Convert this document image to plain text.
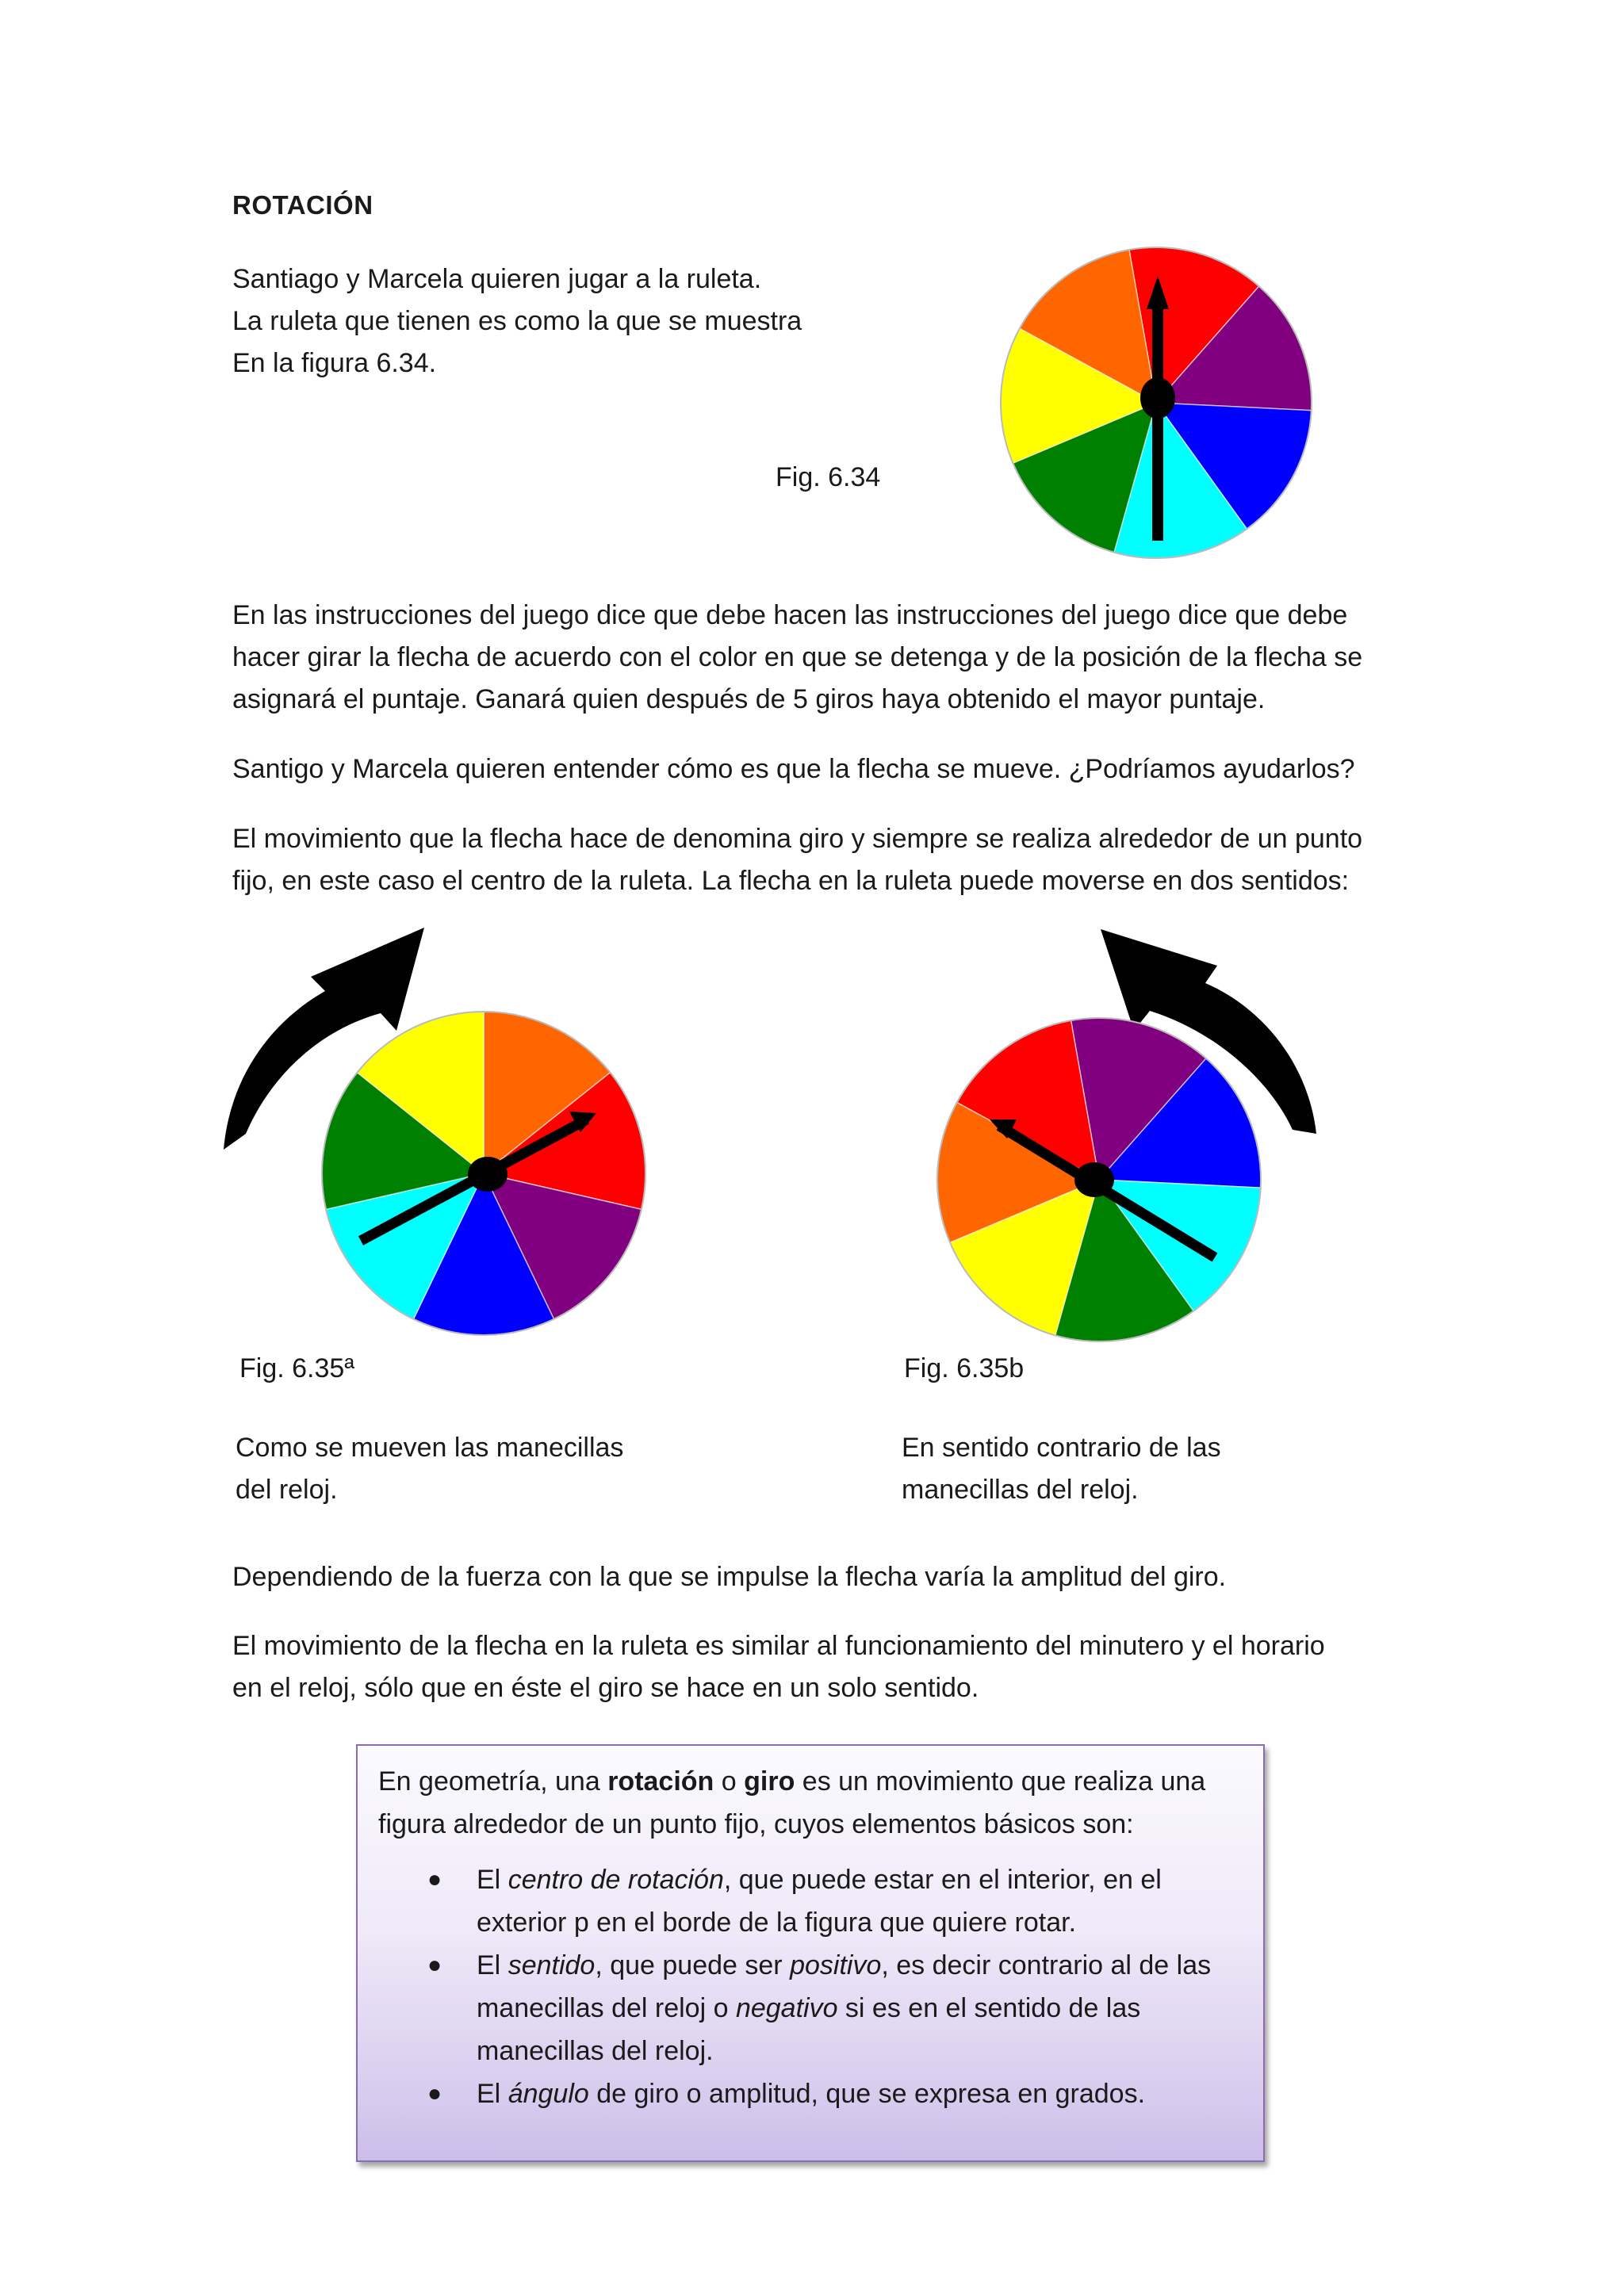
ROTACIÓN
Santiago y Marcela quieren jugar a la ruleta.
La ruleta que tienen es como la que se muestra
En la figura 6.34.
Fig. 6.34
En las instrucciones del juego dice que debe hacen las instrucciones del juego dice que debe
hacer girar la flecha de acuerdo con el color en que se detenga y de la posición de la flecha se
asignará el puntaje. Ganará quien después de 5 giros haya obtenido el mayor puntaje.
Santigo y Marcela quieren entender cómo es que la flecha se mueve. ¿Podríamos ayudarlos?
El movimiento que la flecha hace de denomina giro y siempre se realiza alrededor de un punto
fijo, en este caso el centro de la ruleta. La flecha en la ruleta puede moverse en dos sentidos:
Fig. 6.35ª	Fig. 6.35b
Como se mueven las manecillas
del reloj.
En sentido contrario de las
manecillas del reloj.
Dependiendo de la fuerza con la que se impulse la flecha varía la amplitud del giro.
El movimiento de la flecha en la ruleta es similar al funcionamiento del minutero y el horario
en el reloj, sólo que en éste el giro se hace en un solo sentido.
En geometría, una rotación o giro es un movimiento que realiza una figura alrededor de un punto fijo, cuyos elementos básicos son:
● El centro de rotación, que puede estar en el interior, en el exterior p en el borde de la figura que quiere rotar.
● El sentido, que puede ser positivo, es decir contrario al de las manecillas del reloj o negativo si es en el sentido de las manecillas del reloj.
● El ángulo de giro o amplitud, que se expresa en grados.
